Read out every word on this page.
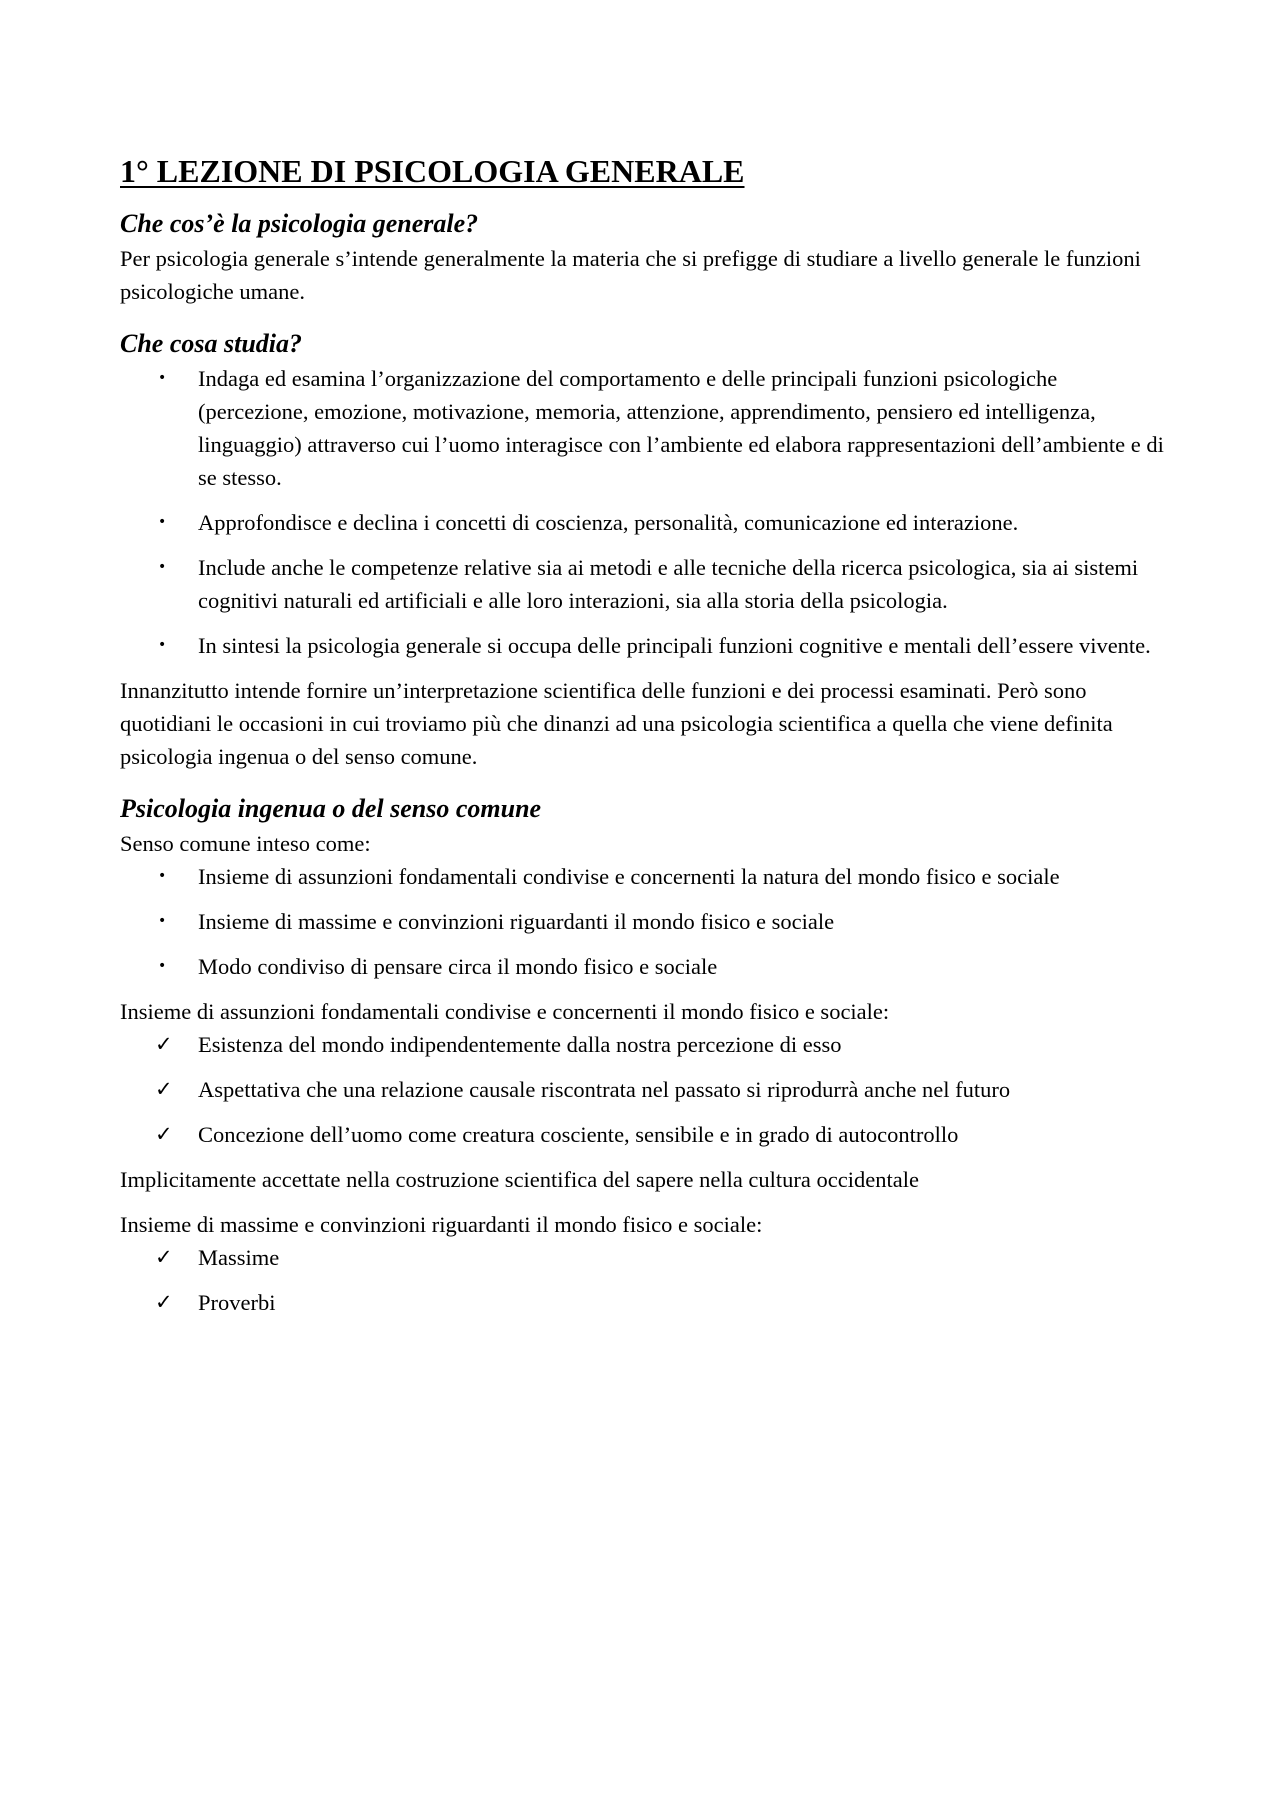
1° LEZIONE DI PSICOLOGIA GENERALE
Che cos’è la psicologia generale?

Per psicologia generale s’intende generalmente la materia che si prefigge di studiare a livello generale le funzioni psicologiche umane.

Che cosa studia?
•	Indaga ed esamina l’organizzazione del comportamento e delle principali funzioni psicologiche (percezione, emozione, motivazione, memoria, attenzione, apprendimento, pensiero ed intelligenza, linguaggio) attraverso cui l’uomo interagisce con l’ambiente ed elabora rappresentazioni dell’ambiente e di se stesso.
•	Approfondisce e declina i concetti di coscienza, personalità, comunicazione ed interazione.
•	Include anche le competenze relative sia ai metodi e alle tecniche della ricerca psicologica, sia ai sistemi cognitivi naturali ed artificiali e alle loro interazioni, sia alla storia della psicologia.
•	In sintesi la psicologia generale si occupa delle principali funzioni cognitive e mentali dell’essere vivente.

Innanzitutto intende fornire un’interpretazione scientifica delle funzioni e dei processi esaminati. Però sono quotidiani le occasioni in cui troviamo più che dinanzi ad una psicologia scientifica a quella che viene definita psicologia ingenua o del senso comune.

Psicologia ingenua o del senso comune

Senso comune inteso come:

•	Insieme di assunzioni fondamentali condivise e concernenti la natura del mondo fisico e sociale
•	Insieme di massime e convinzioni riguardanti il mondo fisico e sociale
•	Modo condiviso di pensare circa il mondo fisico e sociale

Insieme di assunzioni fondamentali condivise e concernenti il mondo fisico e sociale:

✓ Esistenza del mondo indipendentemente dalla nostra percezione di esso
✓ Aspettativa che una relazione causale riscontrata nel passato si riprodurrà anche nel futuro
✓ Concezione dell’uomo come creatura cosciente, sensibile e in grado di autocontrollo

Implicitamente accettate nella costruzione scientifica del sapere nella cultura occidentale

Insieme di massime e convinzioni riguardanti il mondo fisico e sociale:

✓ Massime
✓ Proverbi
